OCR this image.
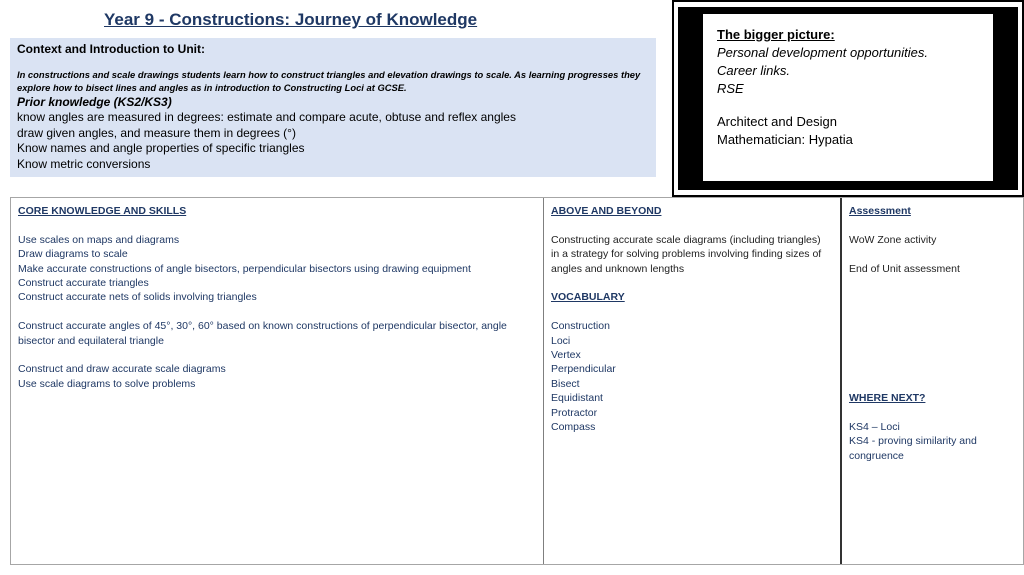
Year 9 - Constructions: Journey of Knowledge

Context and Introduction to Unit:

In constructions and scale drawings students learn how to construct triangles and elevation drawings to scale. As learning progresses they explore how to bisect lines and angles as in introduction to Constructing Loci at GCSE.

Prior knowledge (KS2/KS3)

know angles are measured in degrees: estimate and compare acute, obtuse and reflex angles

draw given angles, and measure them in degrees (°)

Know names and angle properties of specific triangles

Know metric conversions

The bigger picture:
Personal development opportunities.
Career links.
RSE
Architect and Design
Mathematician: Hypatia
CORE KNOWLEDGE AND SKILLS
Use scales on maps and diagrams
Draw diagrams to scale
Make accurate constructions of angle bisectors, perpendicular bisectors using drawing equipment
Construct accurate triangles
Construct accurate nets of solids involving triangles
Construct accurate angles of 45°, 30°, 60° based on known constructions of perpendicular bisector, angle
bisector and equilateral triangle
Construct and draw accurate scale diagrams
Use scale diagrams to solve problems
ABOVE AND BEYOND
Constructing accurate scale diagrams (including triangles)
in a strategy for solving problems involving finding sizes of
angles and unknown lengths
VOCABULARY
Construction
Loci
Vertex
Perpendicular
Bisect
Equidistant
Protractor
Compass
Assessment
WoW Zone activity
End of Unit assessment
WHERE NEXT?
KS4 – Loci
KS4 - proving similarity and
congruence
